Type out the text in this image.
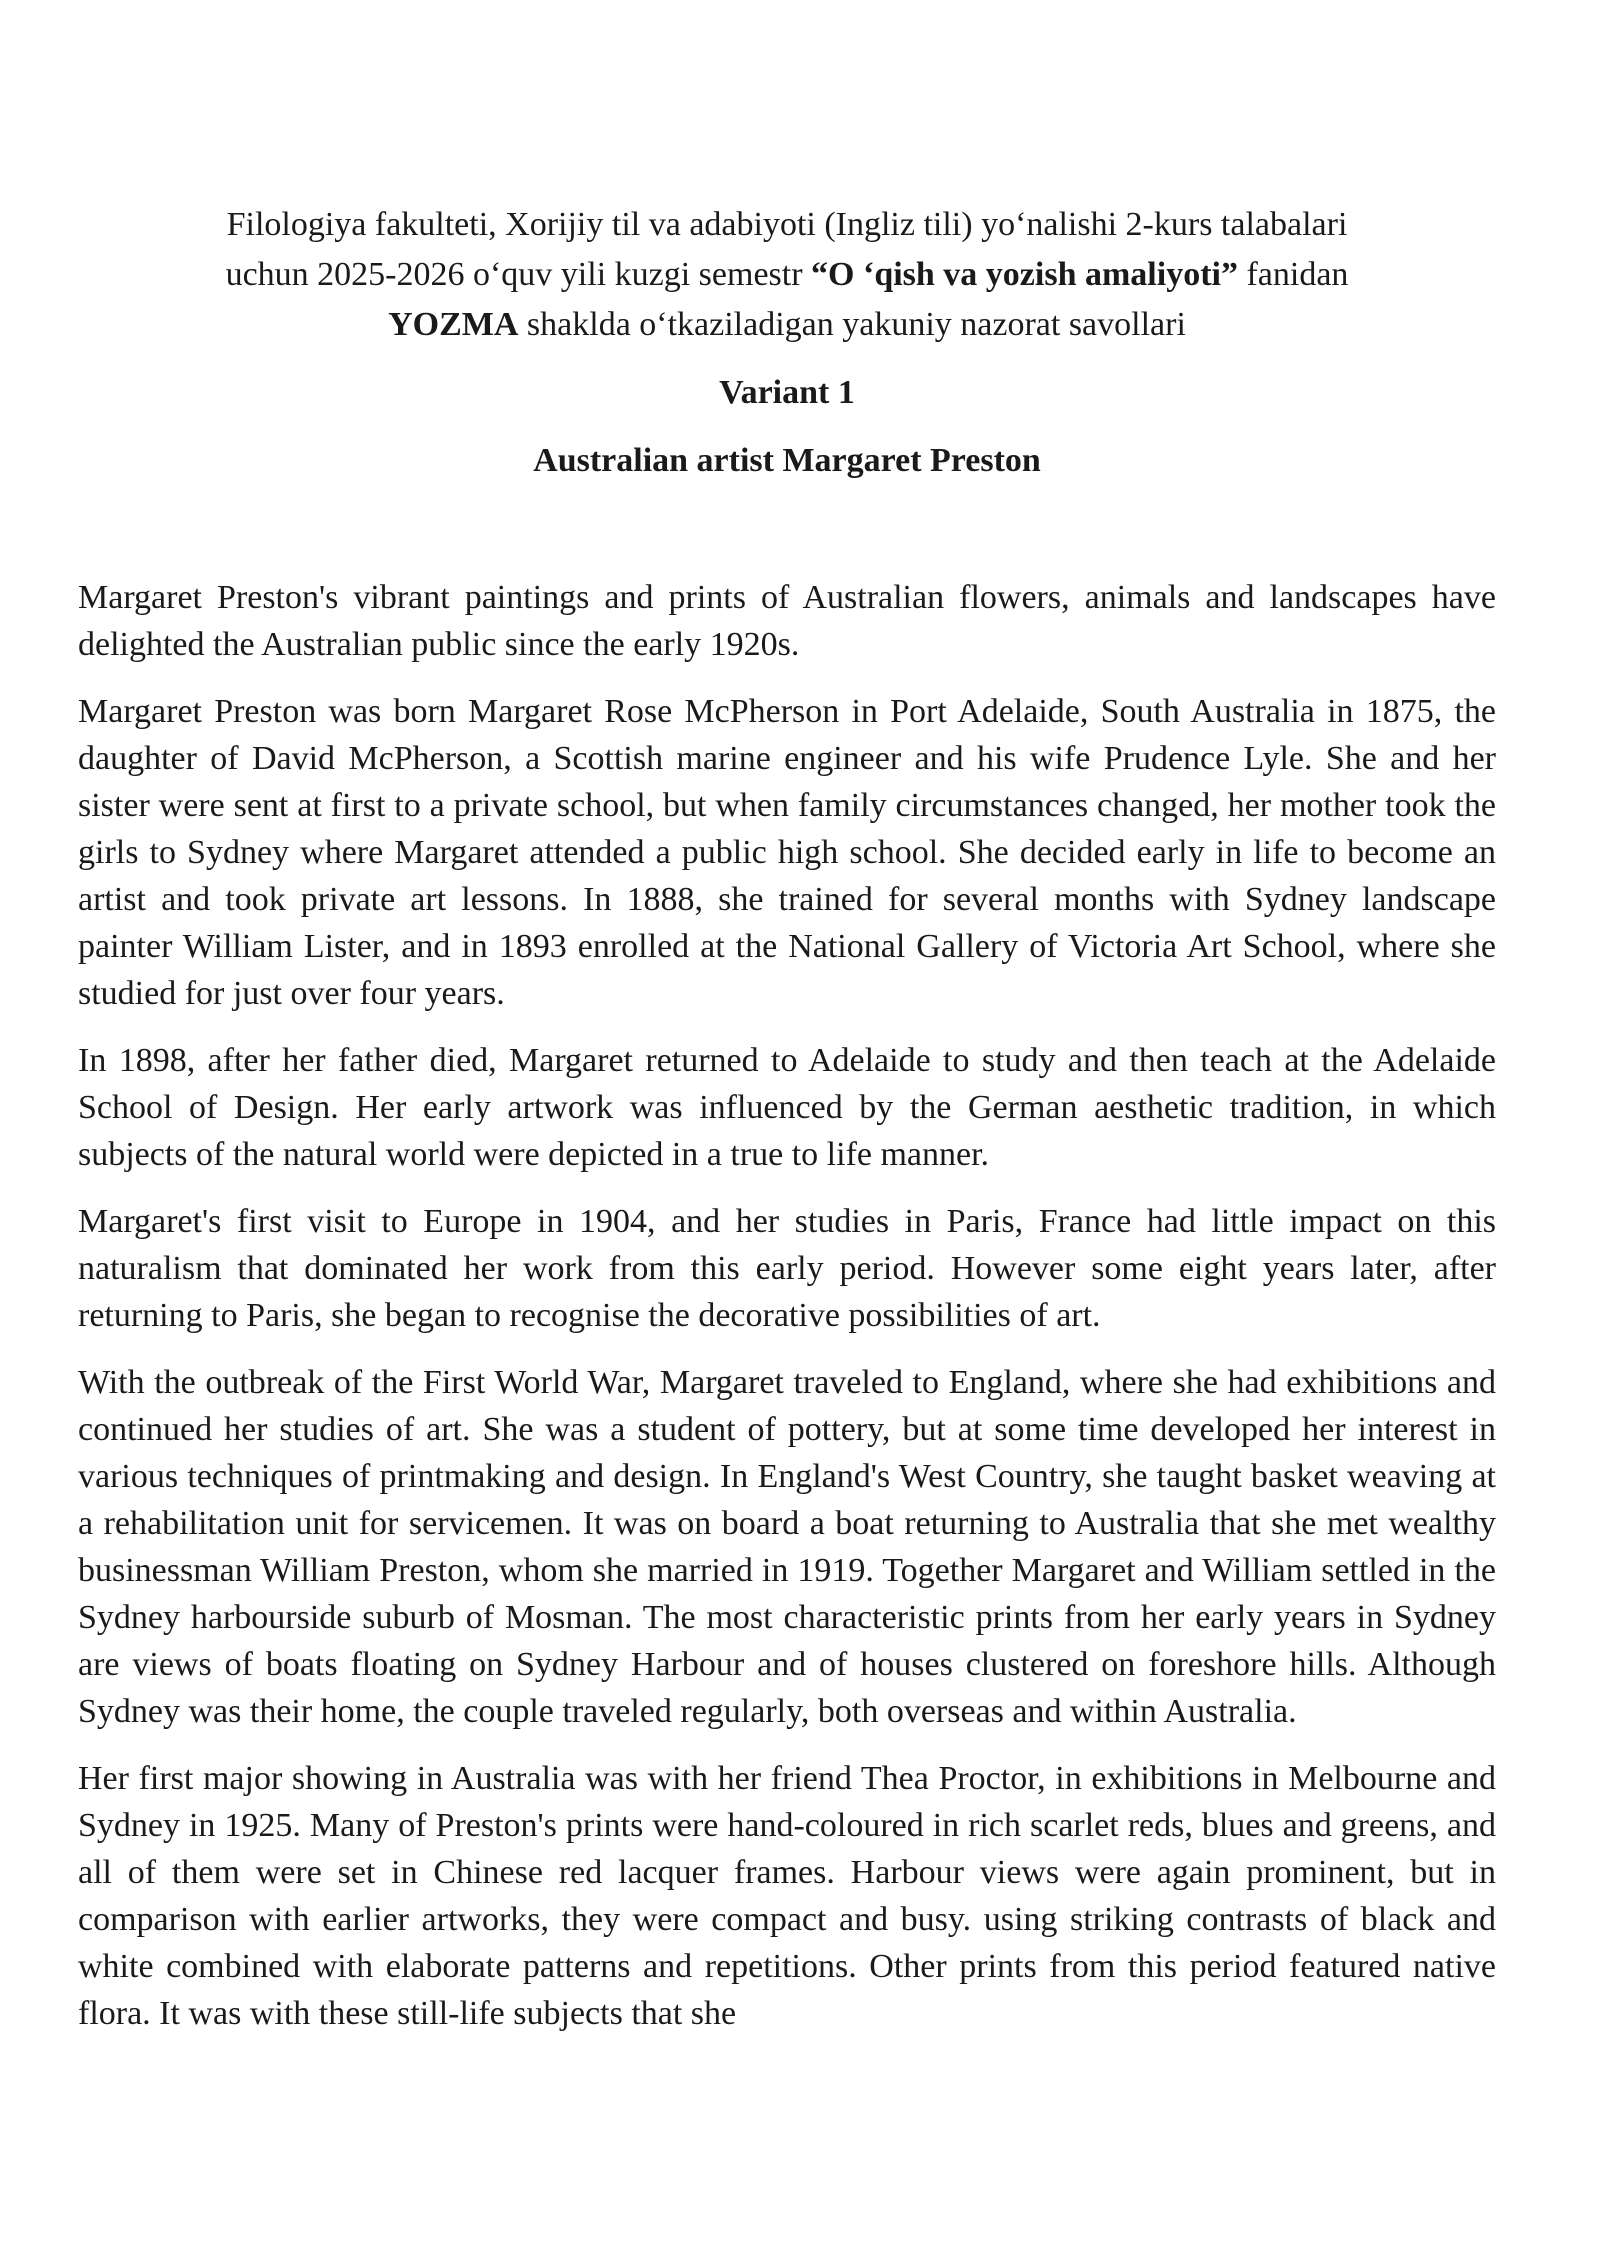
Filologiya fakulteti, Xorijiy til va adabiyoti (Ingliz tili) yo‘nalishi 2-kurs talabalari
uchun 2025-2026 o‘quv yili kuzgi semestr “O ‘qish va yozish amaliyoti” fanidan
YOZMA shaklda o‘tkaziladigan yakuniy nazorat savollari
Variant 1
Australian artist Margaret Preston

Margaret Preston's vibrant paintings and prints of Australian flowers, animals and landscapes have delighted the Australian public since the early 1920s.

Margaret Preston was born Margaret Rose McPherson in Port Adelaide, South Australia in 1875, the daughter of David McPherson, a Scottish marine engineer and his wife Prudence Lyle. She and her sister were sent at first to a private school, but when family circumstances changed, her mother took the girls to Sydney where Margaret attended a public high school. She decided early in life to become an artist and took private art lessons. In 1888, she trained for several months with Sydney landscape painter William Lister, and in 1893 enrolled at the National Gallery of Victoria Art School, where she studied for just over four years.

In 1898, after her father died, Margaret returned to Adelaide to study and then teach at the Adelaide School of Design. Her early artwork was influenced by the German aesthetic tradition, in which subjects of the natural world were depicted in a true to life manner.

Margaret's first visit to Europe in 1904, and her studies in Paris, France had little impact on this naturalism that dominated her work from this early period. However some eight years later, after returning to Paris, she began to recognise the decorative possibilities of art.

With the outbreak of the First World War, Margaret traveled to England, where she had exhibitions and continued her studies of art. She was a student of pottery, but at some time developed her interest in various techniques of printmaking and design. In England's West Country, she taught basket weaving at a rehabilitation unit for servicemen. It was on board a boat returning to Australia that she met wealthy businessman William Preston, whom she married in 1919. Together Margaret and William settled in the Sydney harbourside suburb of Mosman. The most characteristic prints from her early years in Sydney are views of boats floating on Sydney Harbour and of houses clustered on foreshore hills. Although Sydney was their home, the couple traveled regularly, both overseas and within Australia.

Her first major showing in Australia was with her friend Thea Proctor, in exhibitions in Melbourne and Sydney in 1925. Many of Preston's prints were hand-coloured in rich scarlet reds, blues and greens, and all of them were set in Chinese red lacquer frames. Harbour views were again prominent, but in comparison with earlier artworks, they were compact and busy. using striking contrasts of black and white combined with elaborate patterns and repetitions. Other prints from this period featured native flora. It was with these still-life subjects that she
